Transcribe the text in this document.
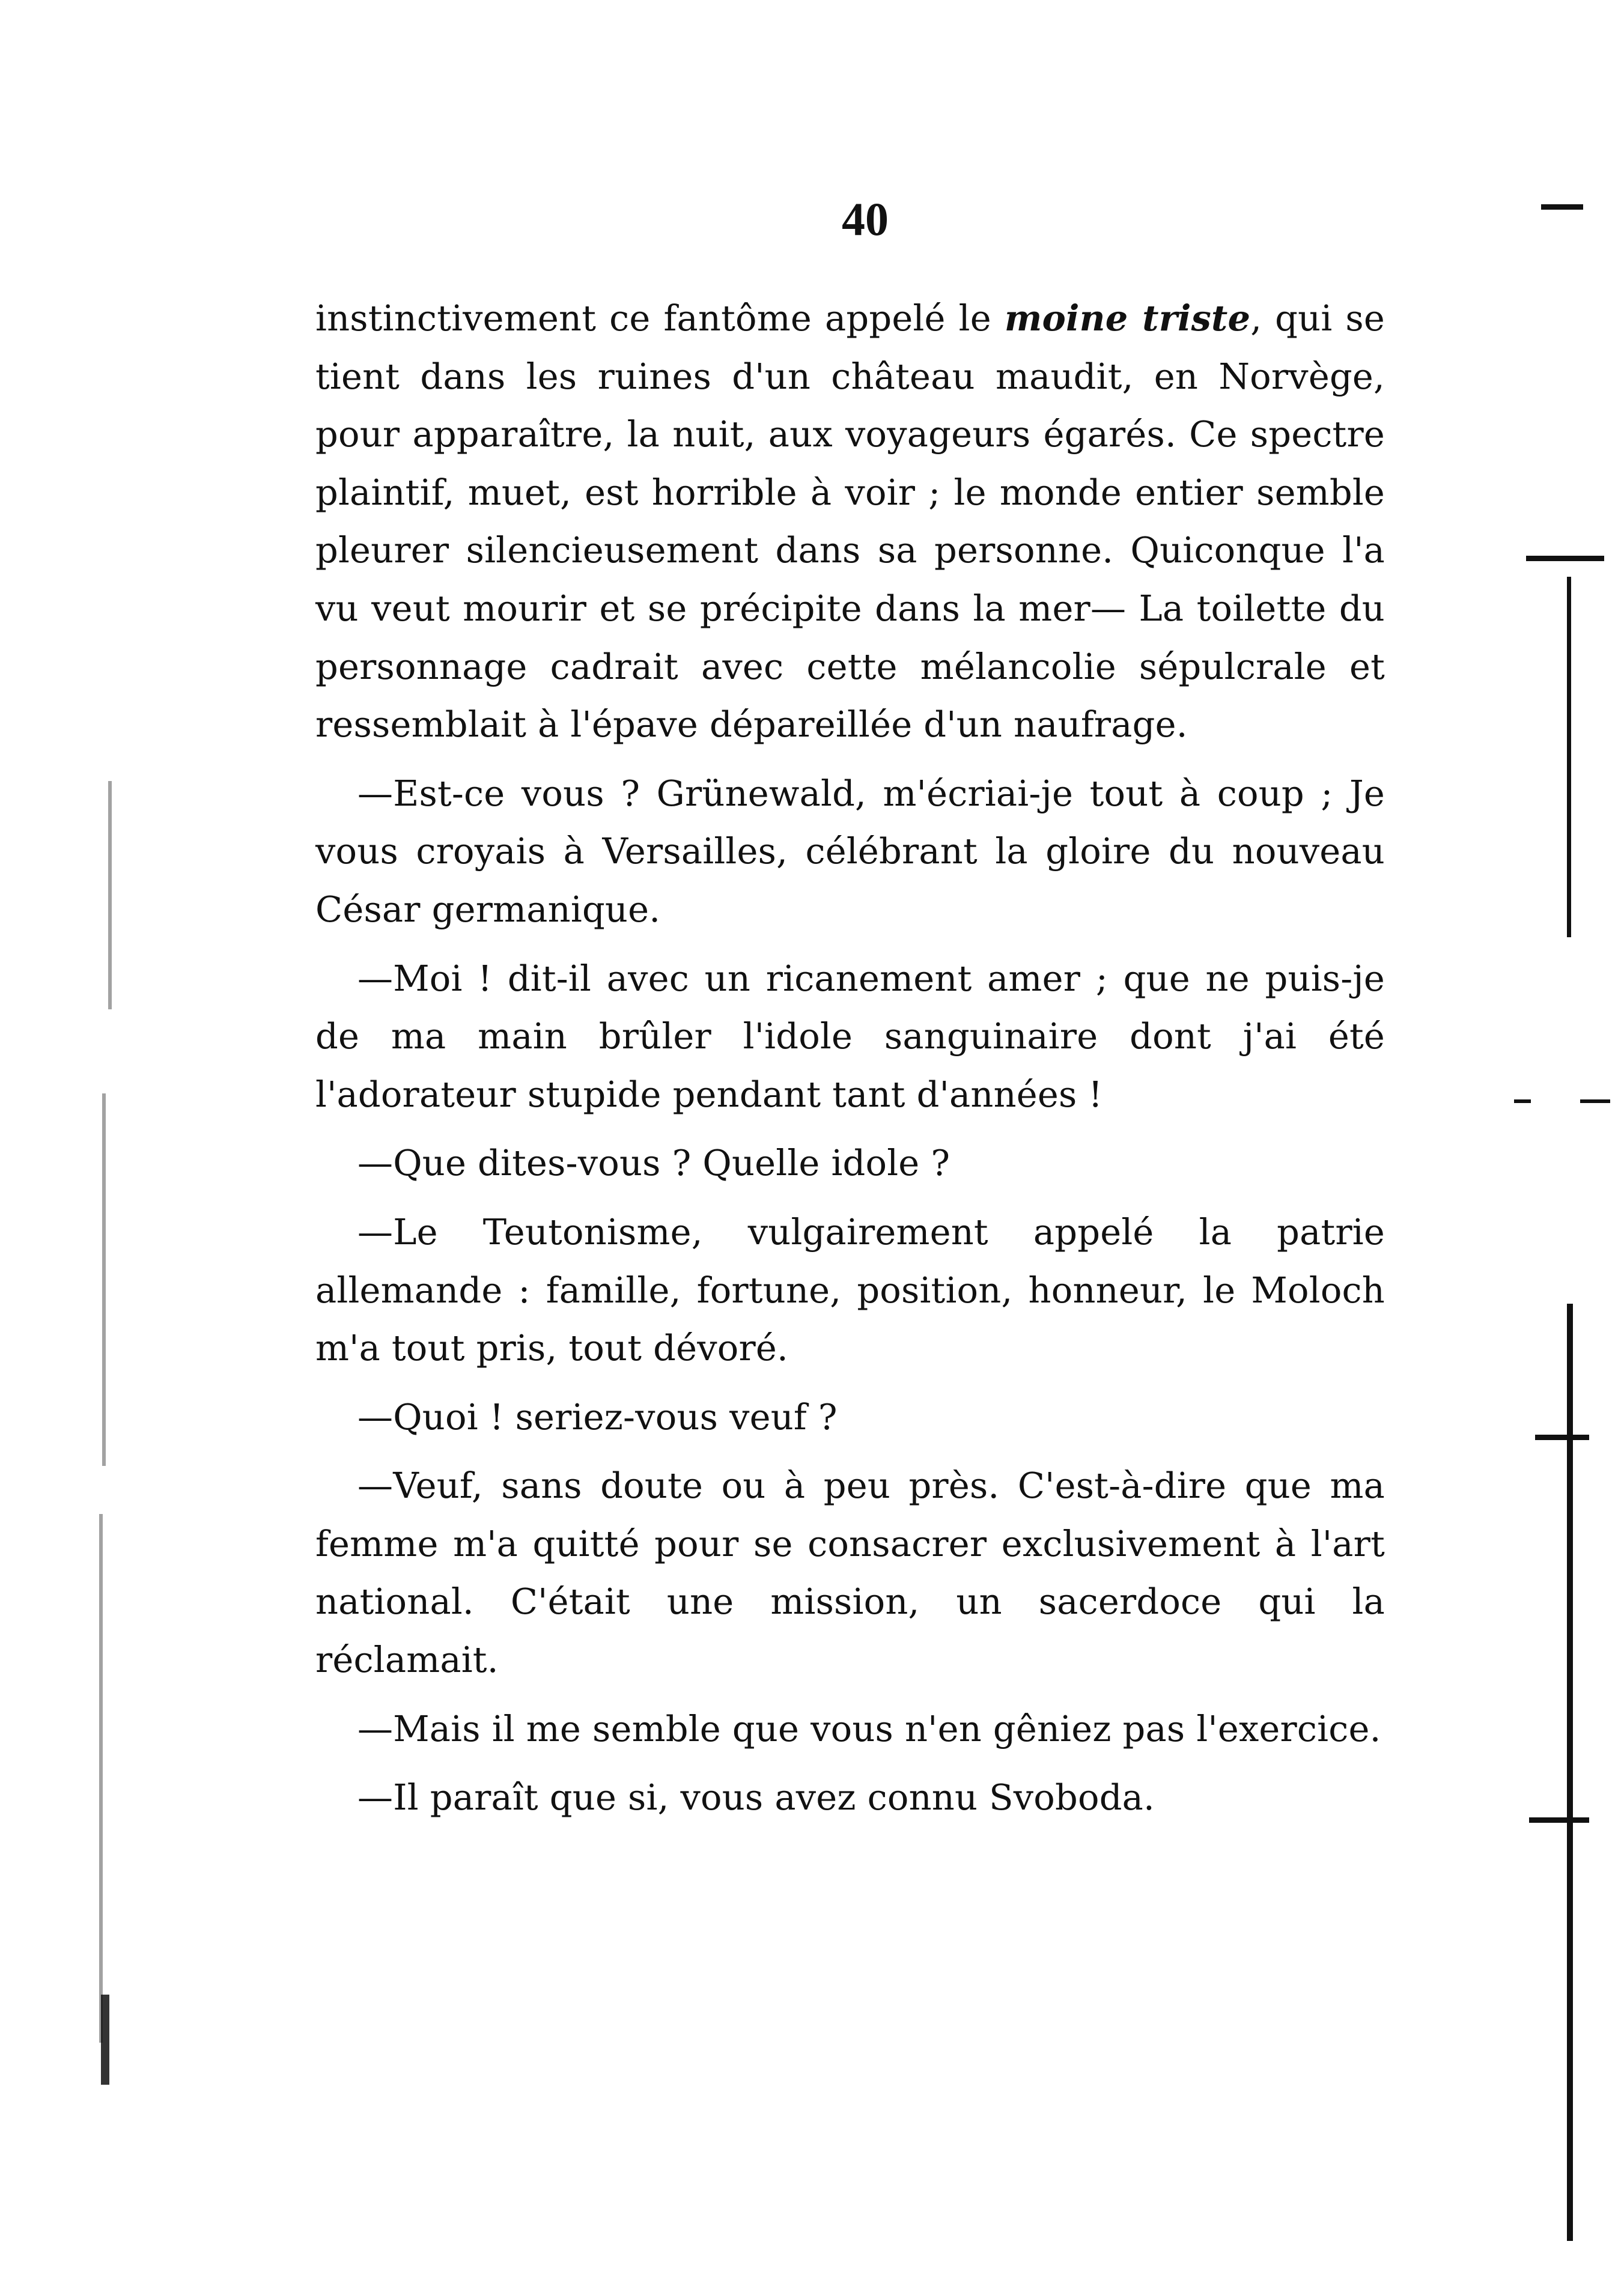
40

instinctivement ce fantôme appelé le moine triste, qui se tient dans les ruines d'un château maudit, en Norvège, pour apparaître, la nuit, aux voyageurs égarés. Ce spectre plaintif, muet, est horrible à voir ; le monde entier semble pleurer silencieusement dans sa personne. Quiconque l'a vu veut mourir et se précipite dans la mer— La toilette du personnage cadrait avec cette mélancolie sépulcrale et ressemblait à l'épave dépareillée d'un naufrage.

—Est-ce vous ? Grünewald, m'écriai-je tout à coup ; Je vous croyais à Versailles, célébrant la gloire du nouveau César germanique.

—Moi ! dit-il avec un ricanement amer ; que ne puis-je de ma main brûler l'idole sanguinaire dont j'ai été l'adorateur stupide pendant tant d'années !

—Que dites-vous ? Quelle idole ?

—Le Teutonisme, vulgairement appelé la patrie allemande : famille, fortune, position, honneur, le Moloch m'a tout pris, tout dévoré.

—Quoi ! seriez-vous veuf ?

—Veuf, sans doute ou à peu près. C'est-à-dire que ma femme m'a quitté pour se consacrer exclusivement à l'art national. C'était une mission, un sacerdoce qui la réclamait.

—Mais il me semble que vous n'en gêniez pas l'exercice.

—Il paraît que si, vous avez connu Svoboda.
